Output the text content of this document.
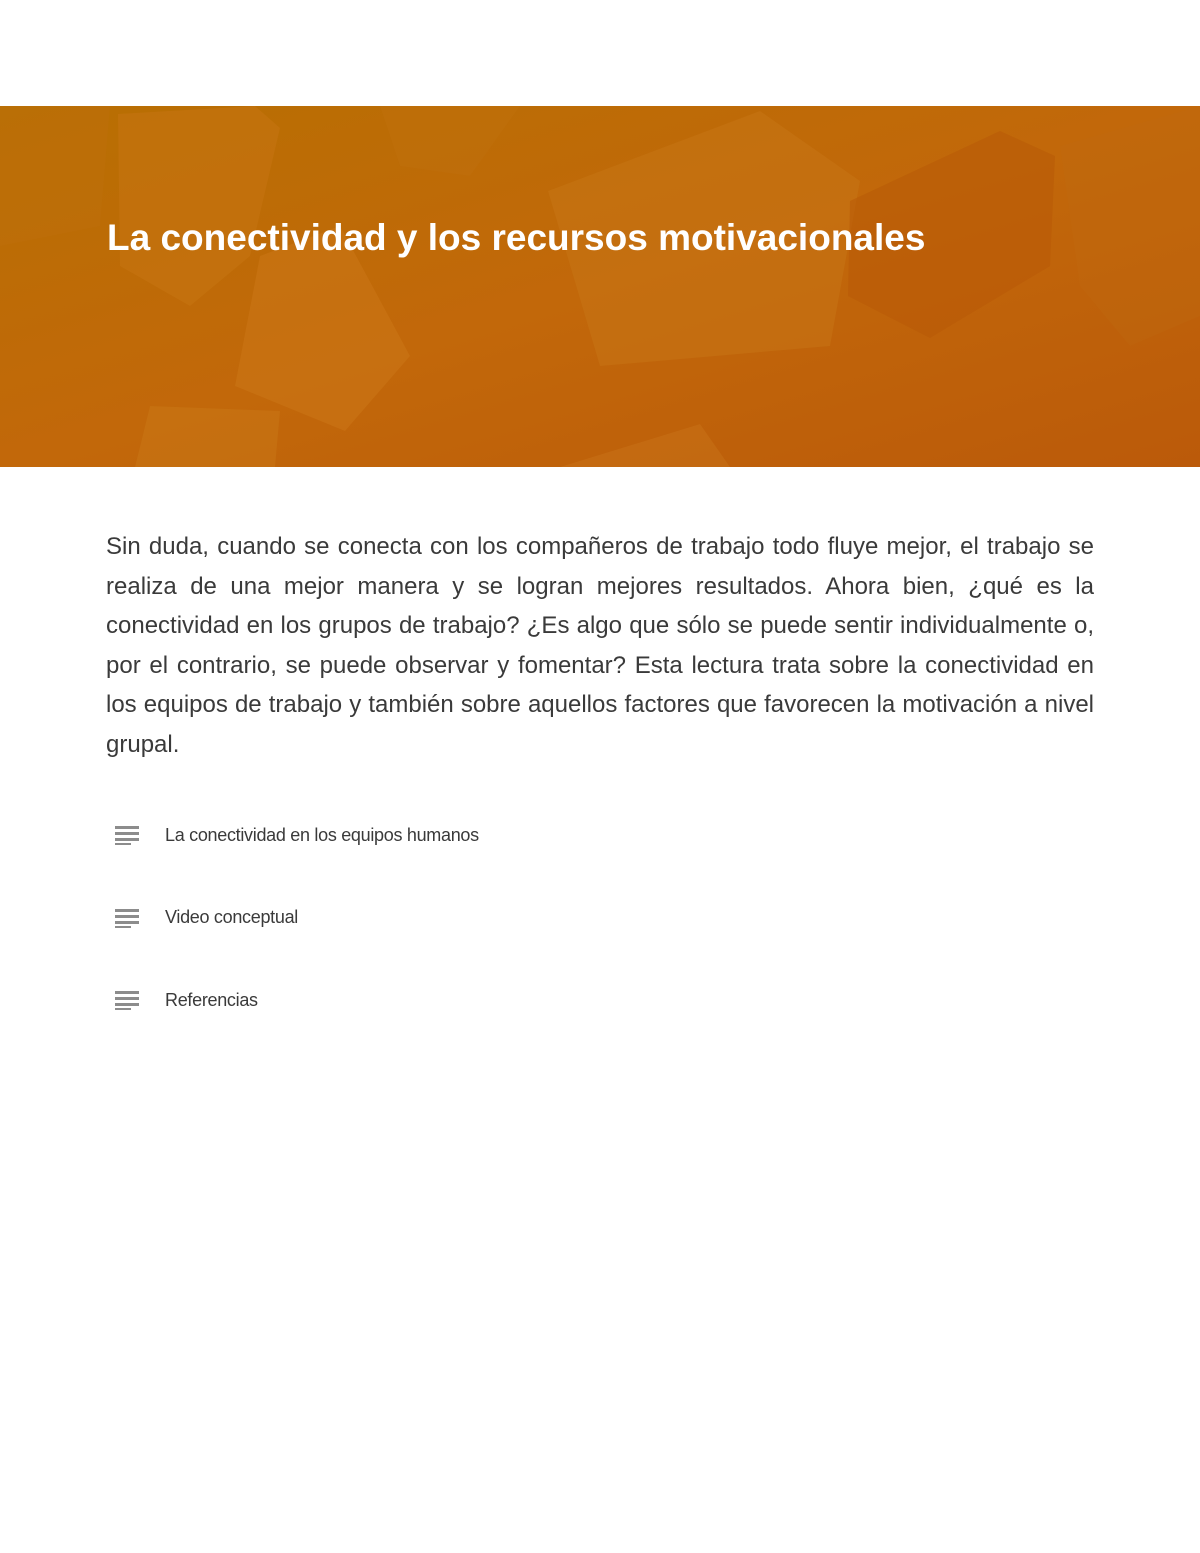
La conectividad y los recursos motivacionales

Sin duda, cuando se conecta con los compañeros de trabajo todo fluye mejor, el trabajo se realiza de una mejor manera y se logran mejores resultados. Ahora bien, ¿qué es la conectividad en los grupos de trabajo? ¿Es algo que sólo se puede sentir individualmente o, por el contrario, se puede observar y fomentar? Esta lectura trata sobre la conectividad en los equipos de trabajo y también sobre aquellos factores que favorecen la motivación a nivel grupal.

La conectividad en los equipos humanos
Video conceptual
Referencias
